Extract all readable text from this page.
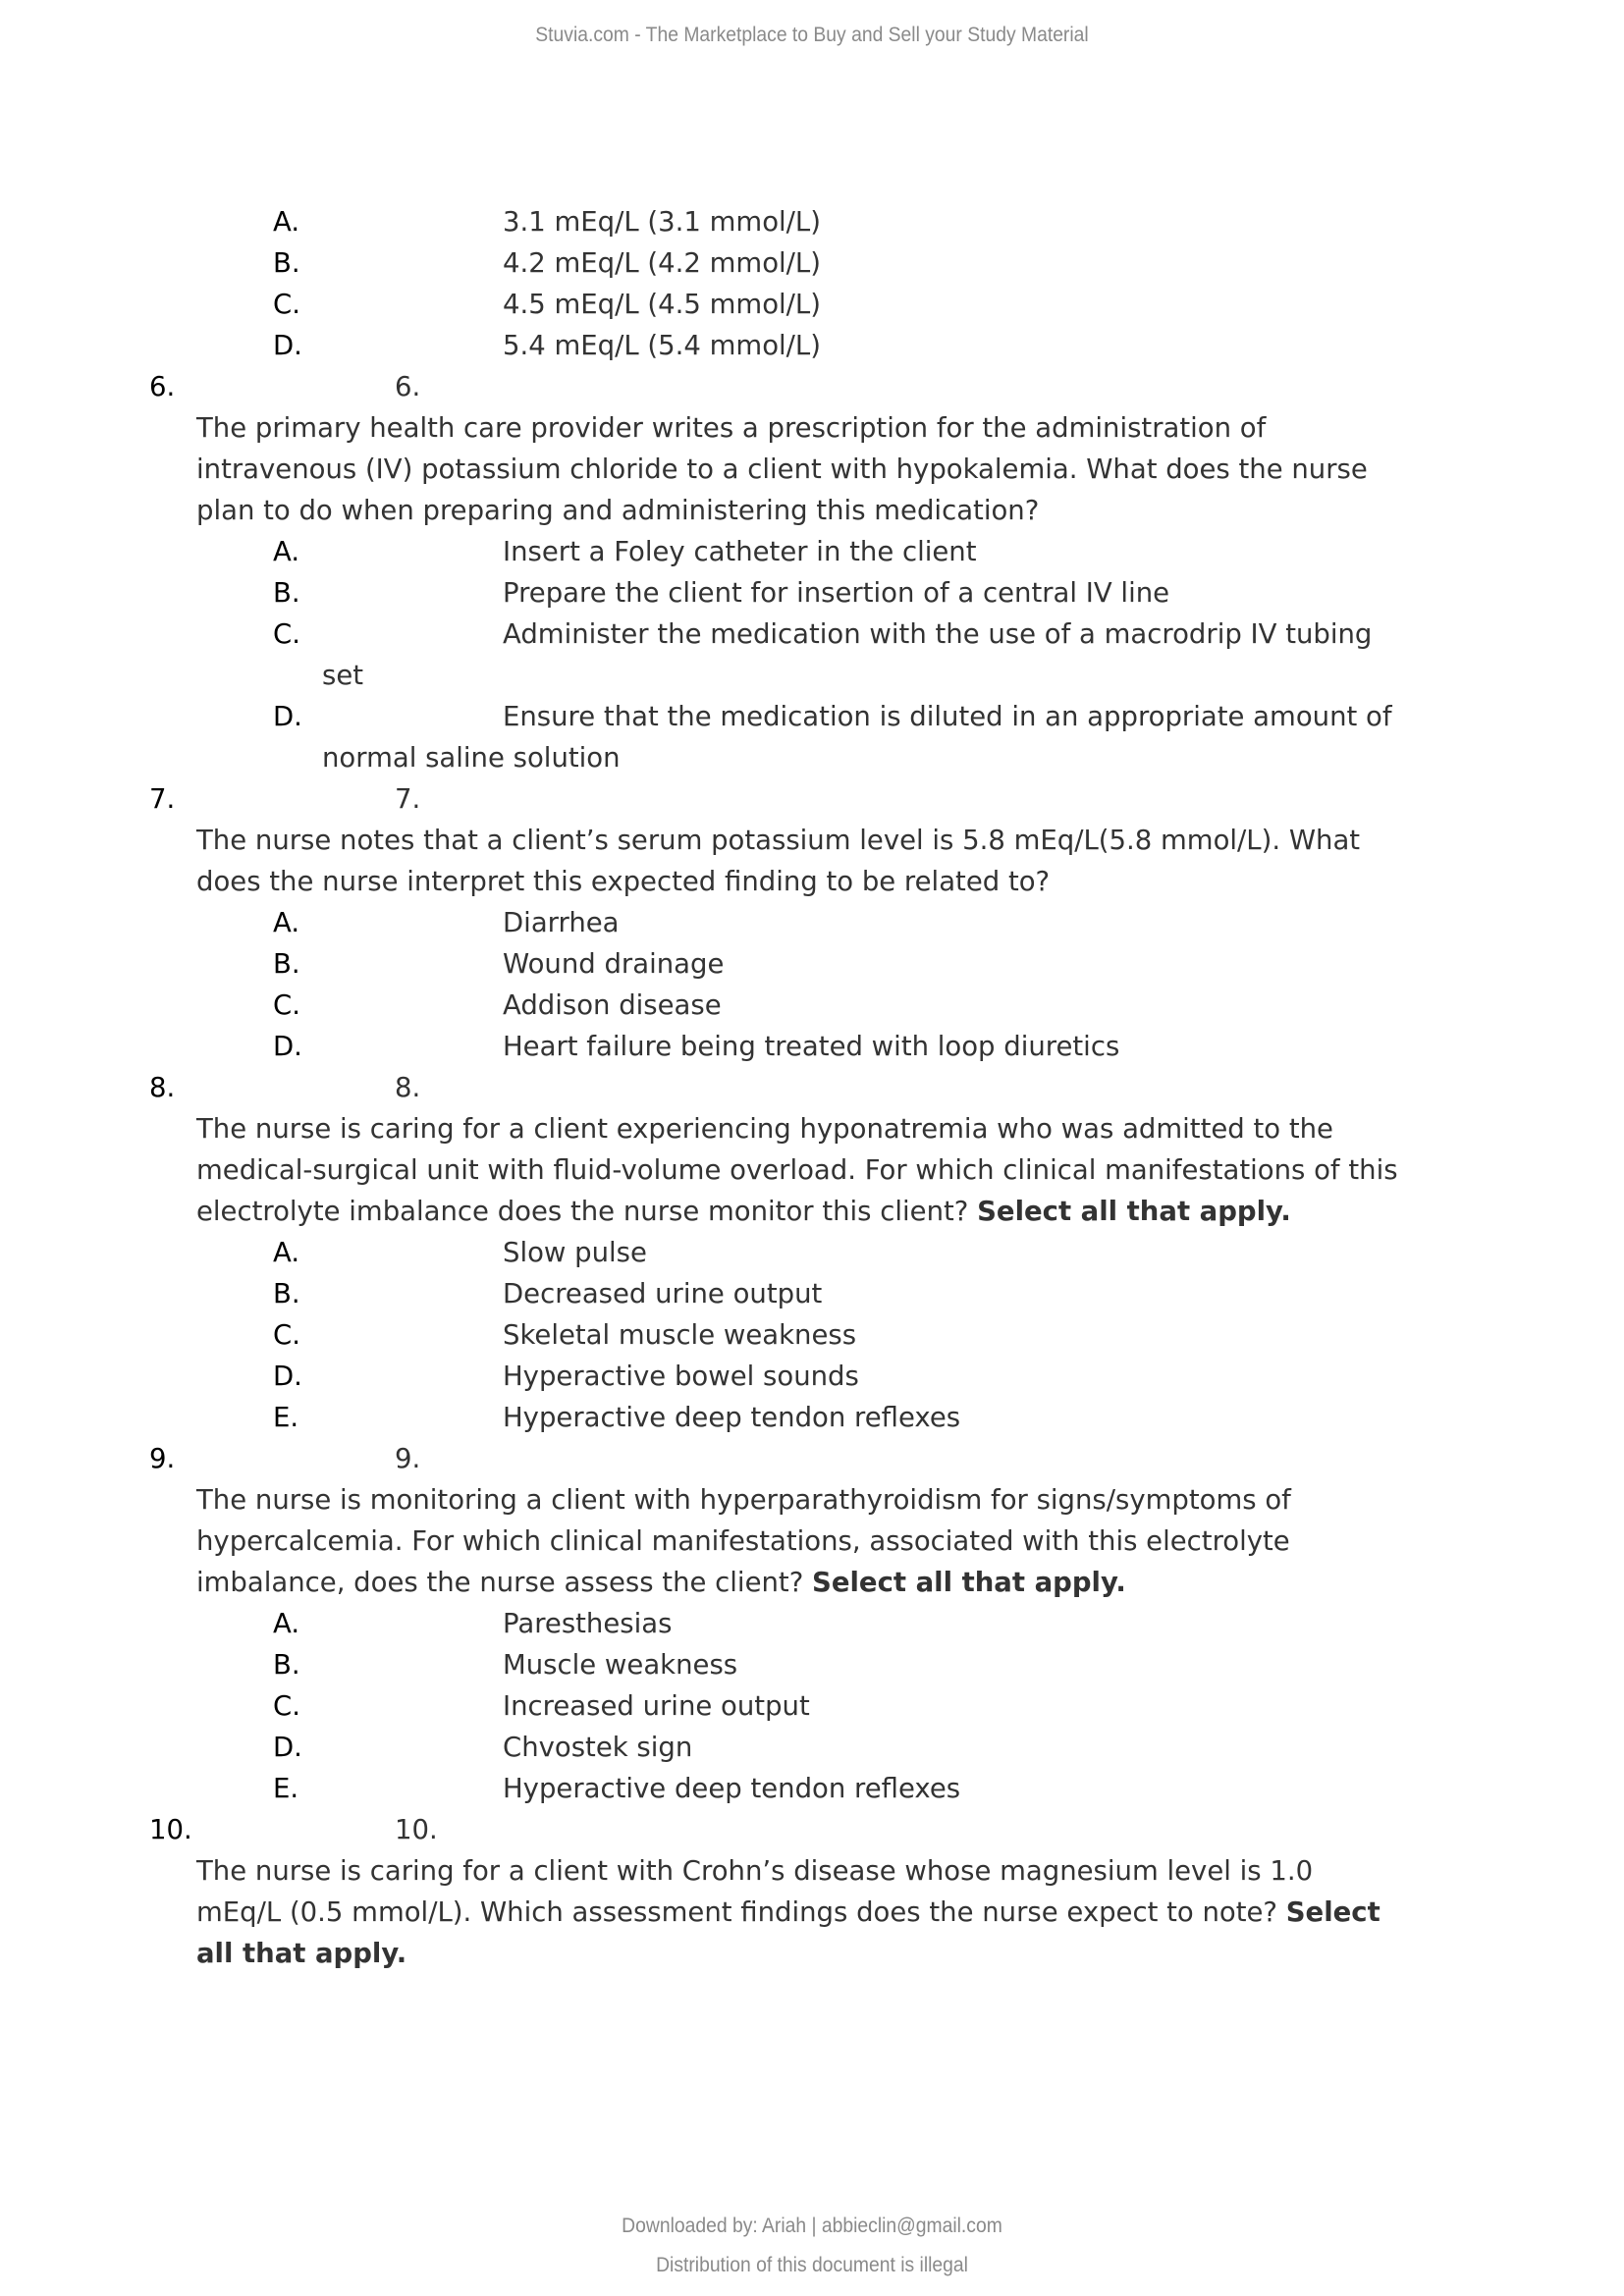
Stuvia.com - The Marketplace to Buy and Sell your Study Material
A.	3.1 mEq/L (3.1 mmol/L)
B.	4.2 mEq/L (4.2 mmol/L)
C.	4.5 mEq/L (4.5 mmol/L)
D.	5.4 mEq/L (5.4 mmol/L)
6.	6.
The primary health care provider writes a prescription for the administration of
intravenous (IV) potassium chloride to a client with hypokalemia. What does the nurse
plan to do when preparing and administering this medication?
A.	Insert a Foley catheter in the client
B.	Prepare the client for insertion of a central IV line
C.	Administer the medication with the use of a macrodrip IV tubing
set
D.	Ensure that the medication is diluted in an appropriate amount of
normal saline solution
7.	7.
The nurse notes that a client’s serum potassium level is 5.8 mEq/L(5.8 mmol/L). What
does the nurse interpret this expected finding to be related to?
A.	Diarrhea
B.	Wound drainage
C.	Addison disease
D.	Heart failure being treated with loop diuretics
8.	8.
The nurse is caring for a client experiencing hyponatremia who was admitted to the
medical-surgical unit with fluid-volume overload. For which clinical manifestations of this
electrolyte imbalance does the nurse monitor this client? Select all that apply.
A.	Slow pulse
B.	Decreased urine output
C.	Skeletal muscle weakness
D.	Hyperactive bowel sounds
E.	Hyperactive deep tendon reflexes
9.	9.
The nurse is monitoring a client with hyperparathyroidism for signs/symptoms of
hypercalcemia. For which clinical manifestations, associated with this electrolyte
imbalance, does the nurse assess the client? Select all that apply.
A.	Paresthesias
B.	Muscle weakness
C.	Increased urine output
D.	Chvostek sign
E.	Hyperactive deep tendon reflexes
10.	10.
The nurse is caring for a client with Crohn’s disease whose magnesium level is 1.0
mEq/L (0.5 mmol/L). Which assessment findings does the nurse expect to note? Select
all that apply.
Downloaded by: Ariah | abbieclin@gmail.com
Distribution of this document is illegal
